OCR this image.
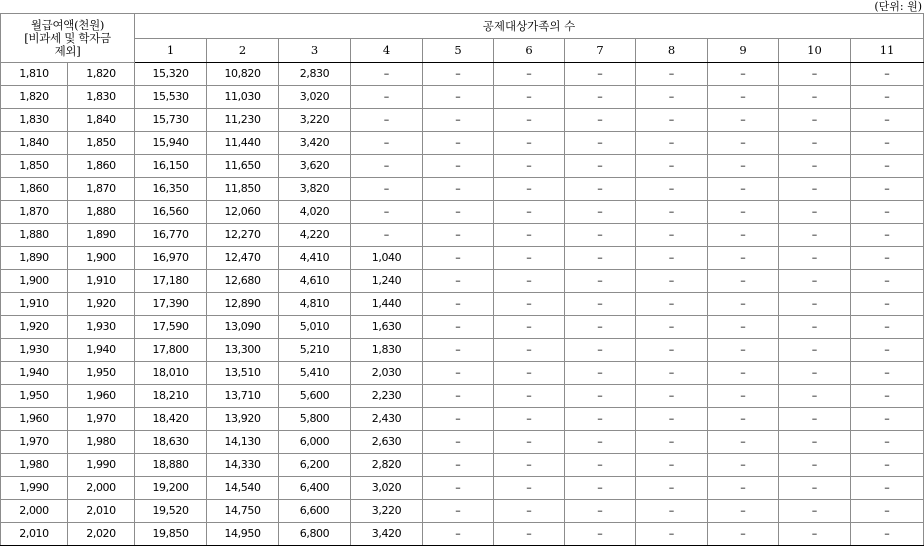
(단위: 원)
월급여액(천원)
[비과세 및 학자금
제외]		공제대상가족의 수										
		1	2	3	4	5	6	7	8	9	10	11
1,810	1,820	15,320	10,820	2,830	–	–	–	–	–	–	–	–
1,820	1,830	15,530	11,030	3,020	–	–	–	–	–	–	–	–
1,830	1,840	15,730	11,230	3,220	–	–	–	–	–	–	–	–
1,840	1,850	15,940	11,440	3,420	–	–	–	–	–	–	–	–
1,850	1,860	16,150	11,650	3,620	–	–	–	–	–	–	–	–
1,860	1,870	16,350	11,850	3,820	–	–	–	–	–	–	–	–
1,870	1,880	16,560	12,060	4,020	–	–	–	–	–	–	–	–
1,880	1,890	16,770	12,270	4,220	–	–	–	–	–	–	–	–
1,890	1,900	16,970	12,470	4,410	1,040	–	–	–	–	–	–	–
1,900	1,910	17,180	12,680	4,610	1,240	–	–	–	–	–	–	–
1,910	1,920	17,390	12,890	4,810	1,440	–	–	–	–	–	–	–
1,920	1,930	17,590	13,090	5,010	1,630	–	–	–	–	–	–	–
1,930	1,940	17,800	13,300	5,210	1,830	–	–	–	–	–	–	–
1,940	1,950	18,010	13,510	5,410	2,030	–	–	–	–	–	–	–
1,950	1,960	18,210	13,710	5,600	2,230	–	–	–	–	–	–	–
1,960	1,970	18,420	13,920	5,800	2,430	–	–	–	–	–	–	–
1,970	1,980	18,630	14,130	6,000	2,630	–	–	–	–	–	–	–
1,980	1,990	18,880	14,330	6,200	2,820	–	–	–	–	–	–	–
1,990	2,000	19,200	14,540	6,400	3,020	–	–	–	–	–	–	–
2,000	2,010	19,520	14,750	6,600	3,220	–	–	–	–	–	–	–
2,010	2,020	19,850	14,950	6,800	3,420	–	–	–	–	–	–	–
